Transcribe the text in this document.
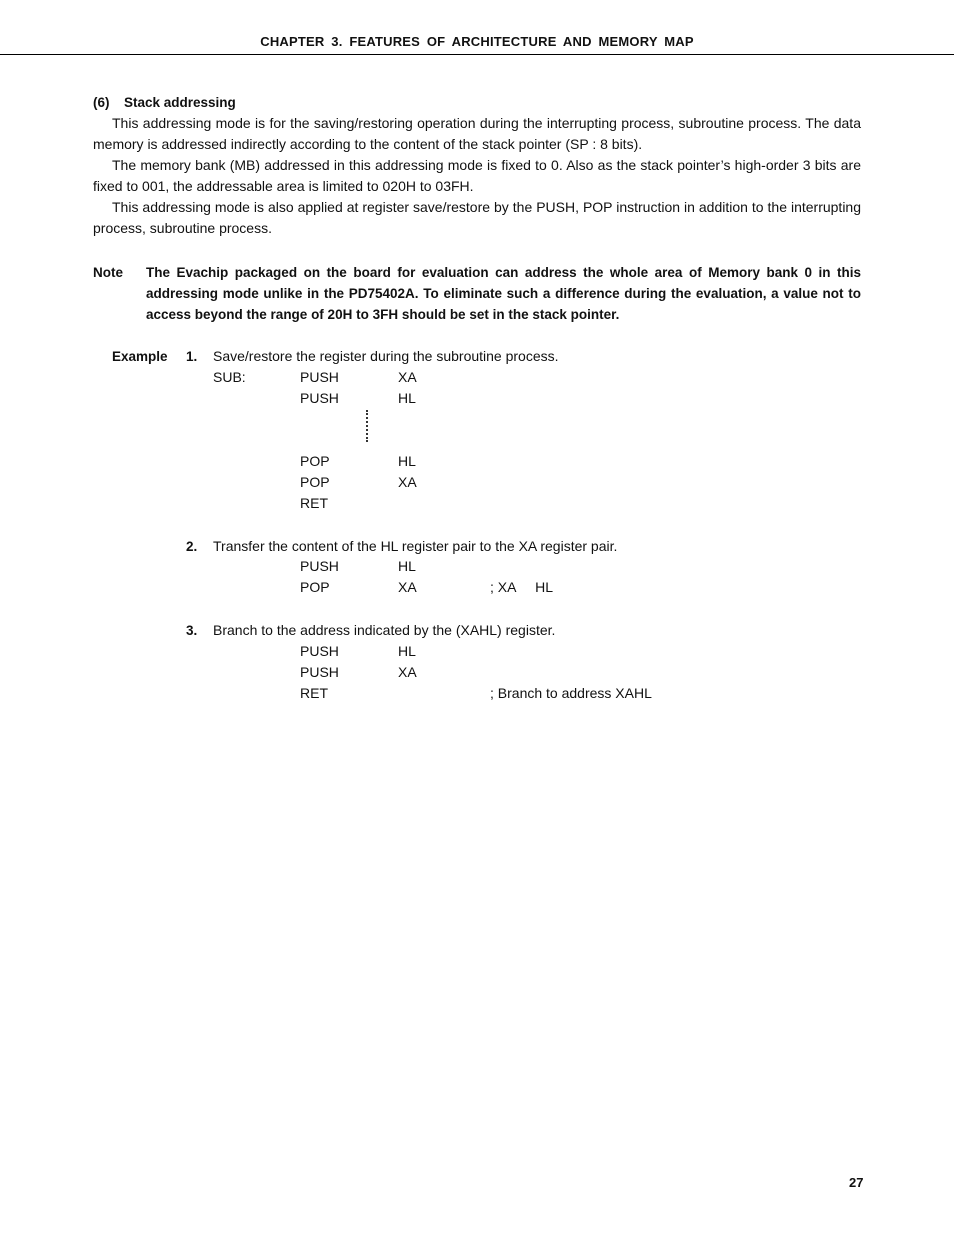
CHAPTER 3. FEATURES OF ARCHITECTURE AND MEMORY MAP
(6) Stack addressing

This addressing mode is for the saving/restoring operation during the interrupting process, subroutine process. The data memory is addressed indirectly according to the content of the stack pointer (SP : 8 bits).

The memory bank (MB) addressed in this addressing mode is fixed to 0. Also as the stack pointer’s high-order 3 bits are fixed to 001, the addressable area is limited to 020H to 03FH.

This addressing mode is also applied at register save/restore by the PUSH, POP instruction in addition to the interrupting process, subroutine process.

Note The Evachip packaged on the board for evaluation can address the whole area of Memory bank 0 in this addressing mode unlike in the PD75402A. To eliminate such a difference during the evaluation, a value not to access beyond the range of 20H to 3FH should be set in the stack pointer.
Example 1. Save/restore the register during the subroutine process.
SUB:	PUSH	XA
PUSH	HL
POP	HL
POP	XA
RET
2. Transfer the content of the HL register pair to the XA register pair.
PUSH	HL
POP	XA	; XA     HL
3. Branch to the address indicated by the (XAHL) register.
PUSH	HL
PUSH	XA
RET	; Branch to address XAHL
27
